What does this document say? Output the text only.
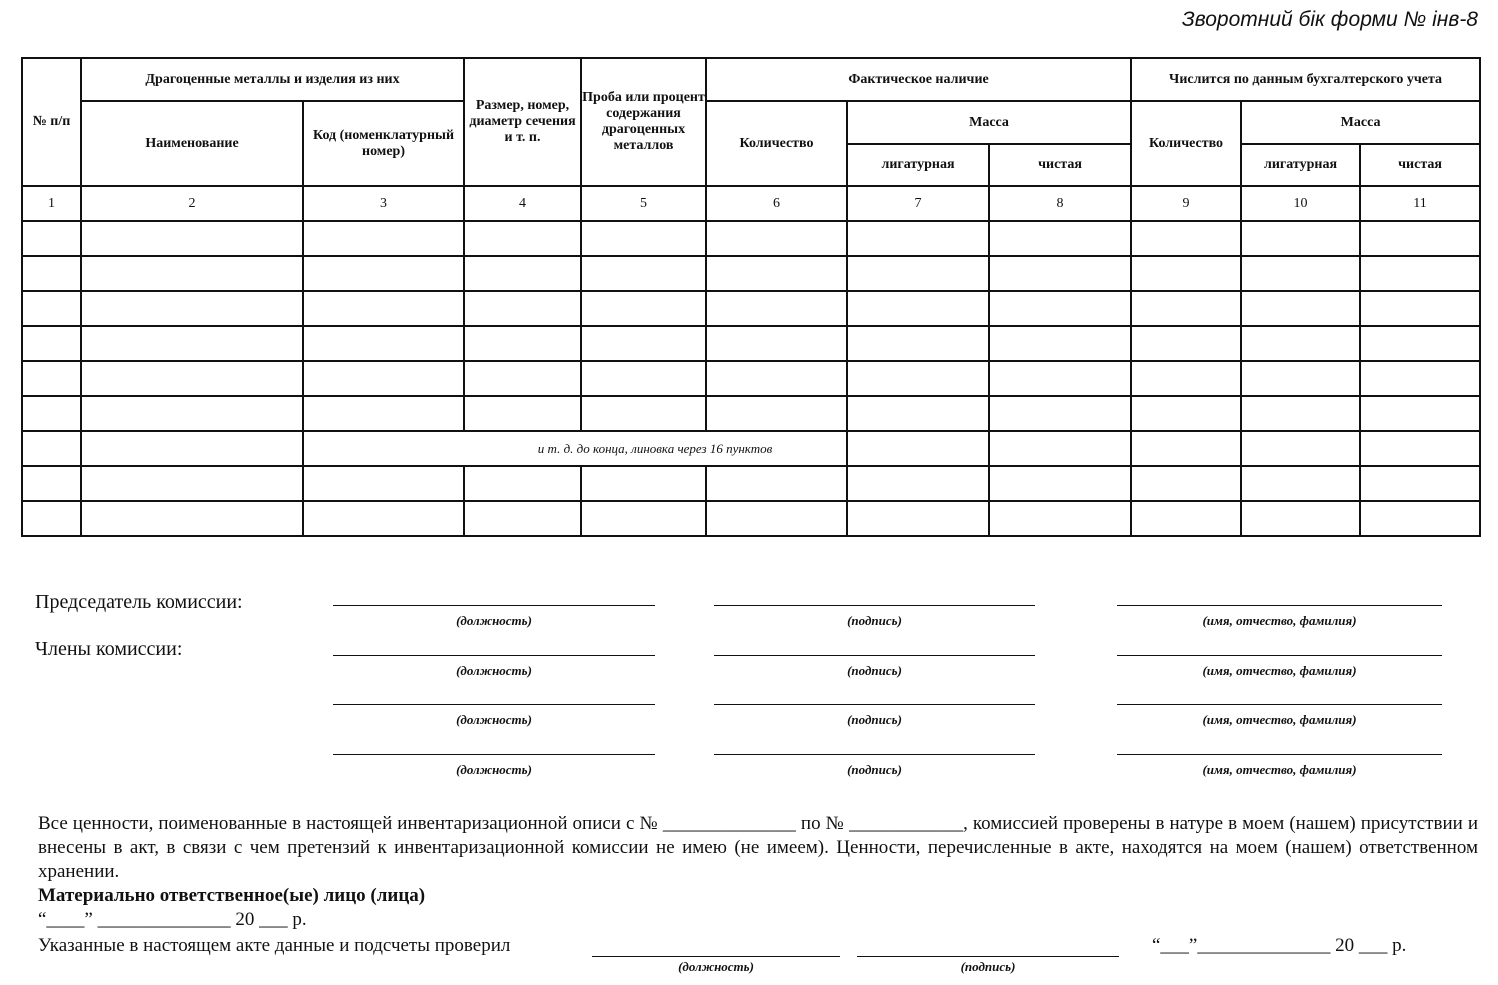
Зворотний бік форми № інв-8
№ п/п	Драгоценные металлы и изделия из них		Размер, номер, диаметр сечения и т. п.	Проба или процент содержания драгоценных металлов	Фактическое наличие			Числится по данным бухгалтерского учета		
	Наименование	Код (номенклатурный номер)			Количество	Масса		Количество	Масса	
						лигатурная	чистая		лигатурная	чистая
1	2	3	4	5	6	7	8	9	10	11

			и т. д. до конца, линовка через 16 пунктов							

Председатель комиссии:
Члены комиссии:
(должность)	(подпись)	(имя, отчество, фамилия)
(должность)	(подпись)	(имя, отчество, фамилия)
(должность)	(подпись)	(имя, отчество, фамилия)
(должность)	(подпись)	(имя, отчество, фамилия)
Все ценности, поименованные в настоящей инвентаризационной описи с № ______________ по № ____________, комиссией проверены в натуре в моем (нашем) присутствии и внесены в акт, в связи с чем претензий к инвентаризационной комиссии не имею (не имеем). Ценности, перечисленные в акте, находятся на моем (нашем) ответственном хранении.
Материально ответственное(ые) лицо (лица)
“____” ______________ 20 ___ р.
Указанные в настоящем акте данные и подсчеты проверил	“___”______________ 20 ___ р.
(должность)	(подпись)
